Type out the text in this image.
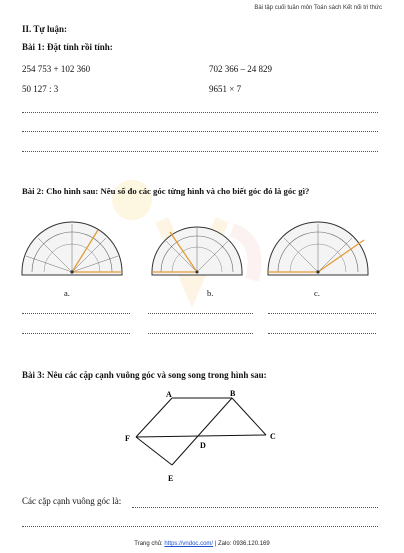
Bài tập cuối tuần môn Toán sách Kết nối tri thức
II. Tự luận:
Bài 1: Đặt tính rồi tính:
254 753 + 102 360	702 366 – 24 829
50 127 : 3	9651 × 7
Bài 2: Cho hình sau: Nêu số đo các góc từng hình và cho biết góc đó là góc gì?
a.	b.	c.
Bài 3: Nêu các cặp cạnh vuông góc và song song trong hình sau:
A	B
C
F
D
E
Các cặp cạnh vuông góc là:
Trang chủ: https://vndoc.com/ | Zalo: 0936.120.169
